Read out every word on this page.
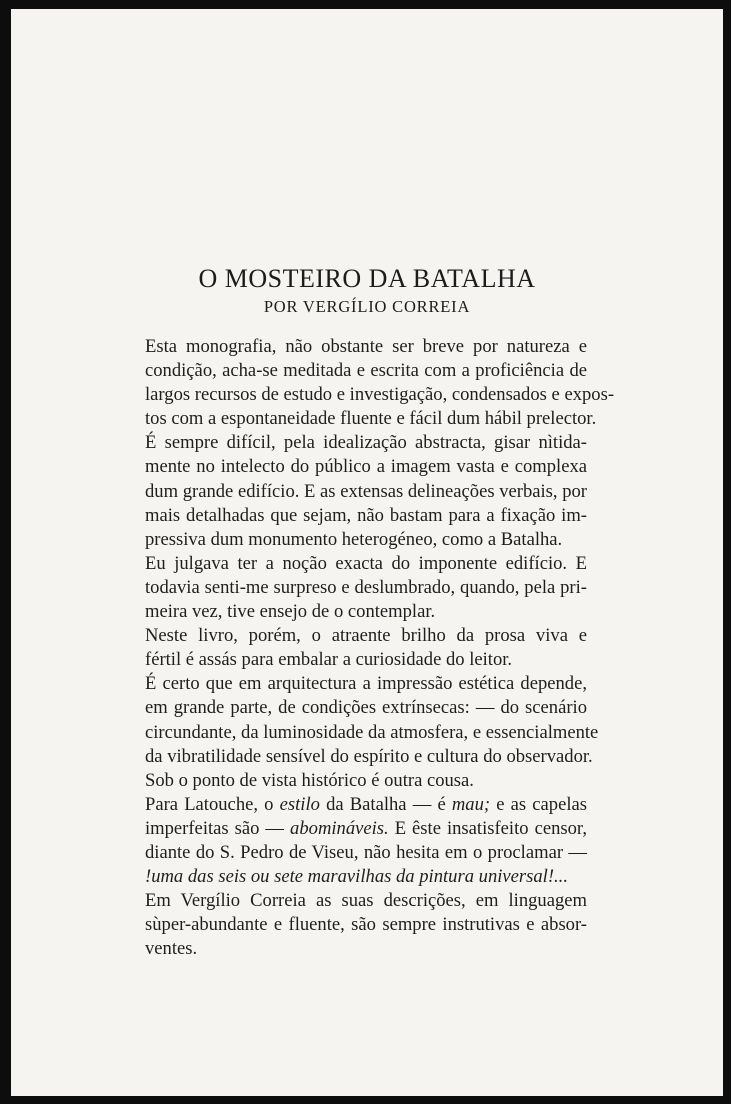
O MOSTEIRO DA BATALHA
POR VERGÍLIO CORREIA

Esta monografia, não obstante ser breve por natureza e
condição, acha-se meditada e escrita com a proficiência de
largos recursos de estudo e investigação, condensados e expos-
tos com a espontaneidade fluente e fácil dum hábil prelector.

É sempre difícil, pela idealização abstracta, gisar nìtida-
mente no intelecto do público a imagem vasta e complexa
dum grande edifício. E as extensas delineações verbais, por
mais detalhadas que sejam, não bastam para a fixação im-
pressiva dum monumento heterogéneo, como a Batalha.

Eu julgava ter a noção exacta do imponente edifício. E
todavia senti-me surpreso e deslumbrado, quando, pela pri-
meira vez, tive ensejo de o contemplar.

Neste livro, porém, o atraente brilho da prosa viva e
fértil é assás para embalar a curiosidade do leitor.

É certo que em arquitectura a impressão estética depende,
em grande parte, de condições extrínsecas: — do scenário
circundante, da luminosidade da atmosfera, e essencialmente
da vibratilidade sensível do espírito e cultura do observador.

Sob o ponto de vista histórico é outra cousa.

Para Latouche, o estilo da Batalha — é mau; e as capelas
imperfeitas são — abomináveis. E êste insatisfeito censor,
diante do S. Pedro de Viseu, não hesita em o proclamar —
!uma das seis ou sete maravilhas da pintura universal!...

Em Vergílio Correia as suas descrições, em linguagem
sùper-abundante e fluente, são sempre instrutivas e absor-
ventes.
